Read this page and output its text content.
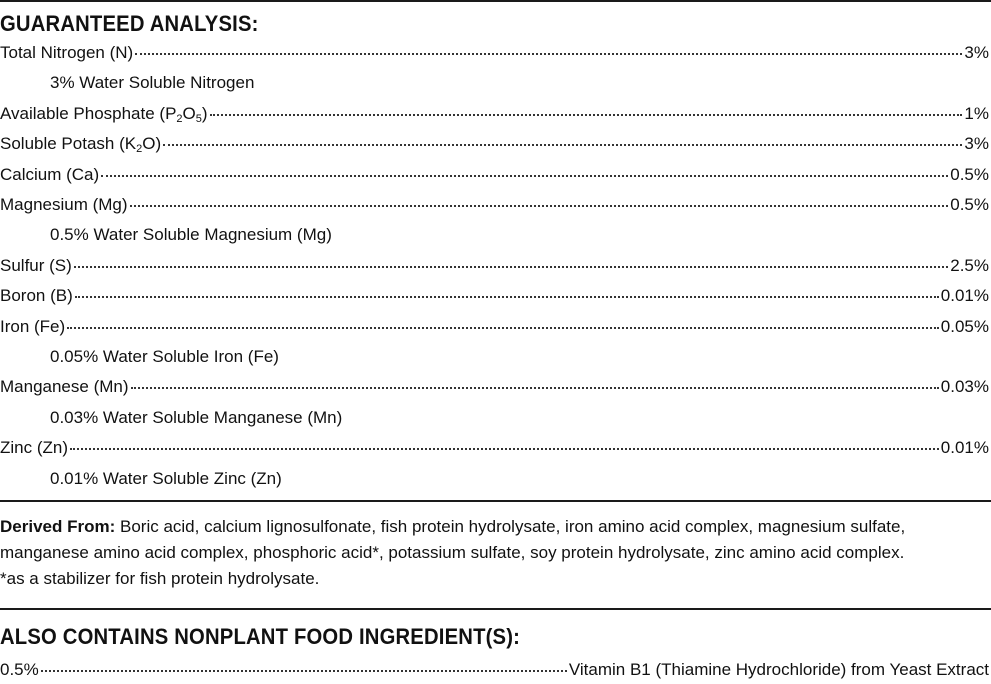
GUARANTEED ANALYSIS:
Total Nitrogen (N)	3%
3% Water Soluble Nitrogen
Available Phosphate $(P_2O_5)$	1%
Soluble Potash $(K_2O)$	3%
Calcium (Ca)	0.5%
Magnesium (Mg)	0.5%
0.5% Water Soluble Magnesium (Mg)
Sulfur (S)	2.5%
Boron (B)	0.01%
Iron (Fe)	0.05%
0.05% Water Soluble Iron (Fe)
Manganese (Mn)	0.03%
0.03% Water Soluble Manganese (Mn)
Zinc (Zn)	0.01%
0.01% Water Soluble Zinc (Zn)
Derived From: Boric acid, calcium lignosulfonate, fish protein hydrolysate, iron amino acid complex, magnesium sulfate,
manganese amino acid complex, phosphoric acid*, potassium sulfate, soy protein hydrolysate, zinc amino acid complex.
*as a stabilizer for fish protein hydrolysate.
ALSO CONTAINS NONPLANT FOOD INGREDIENT(S):
0.5%	Vitamin B1 (Thiamine Hydrochloride) from Yeast Extract
